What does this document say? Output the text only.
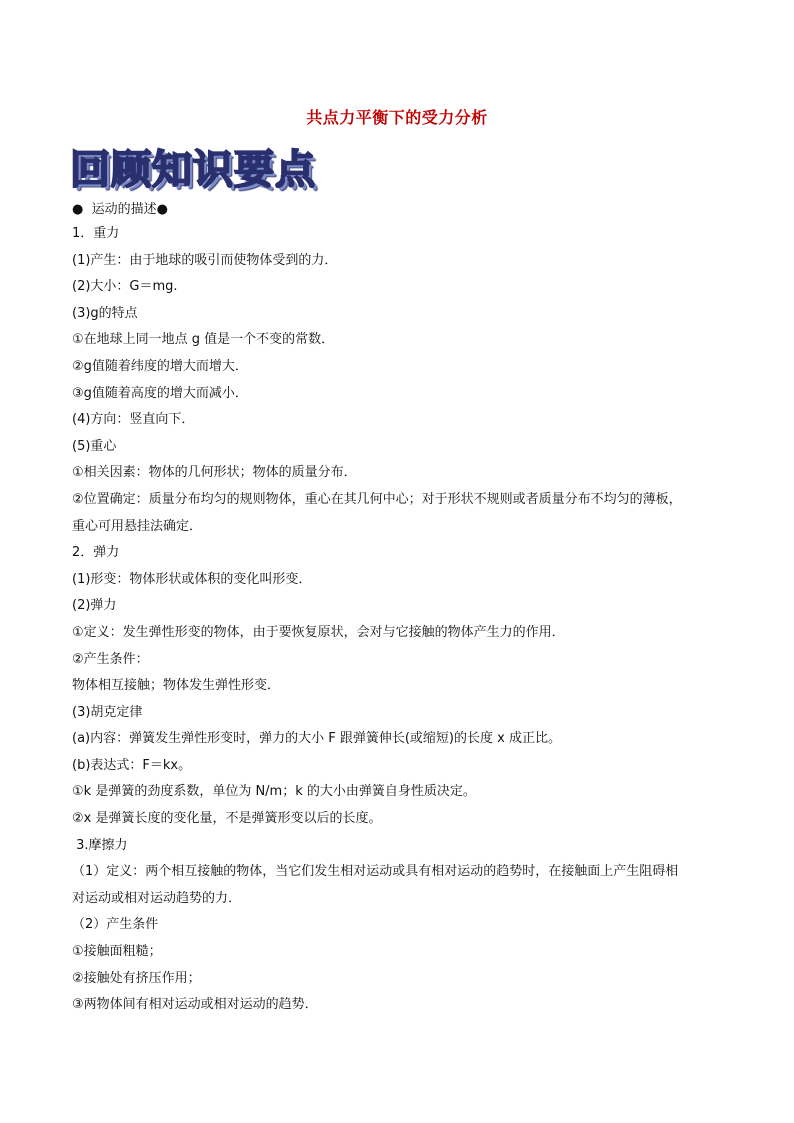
共点力平衡下的受力分析
回顾知识要点
●  运动的描述●
1．重力
(1)产生：由于地球的吸引而使物体受到的力．
(2)大小：G＝mg.
(3)g的特点
①在地球上同一地点 g 值是一个不变的常数．
②g值随着纬度的增大而增大．
③g值随着高度的增大而减小．
(4)方向：竖直向下．
(5)重心
①相关因素：物体的几何形状；物体的质量分布．
②位置确定：质量分布均匀的规则物体，重心在其几何中心；对于形状不规则或者质量分布不均匀的薄板，
重心可用悬挂法确定．
2．弹力
(1)形变：物体形状或体积的变化叫形变．
(2)弹力
①定义：发生弹性形变的物体，由于要恢复原状，会对与它接触的物体产生力的作用．
②产生条件：
物体相互接触；物体发生弹性形变．
(3)胡克定律
(a)内容：弹簧发生弹性形变时，弹力的大小 F 跟弹簧伸长(或缩短)的长度 x 成正比。
(b)表达式：F＝kx。
①k 是弹簧的劲度系数，单位为 N/m；k 的大小由弹簧自身性质决定。
②x 是弹簧长度的变化量，不是弹簧形变以后的长度。
3.摩擦力
（1）定义：两个相互接触的物体，当它们发生相对运动或具有相对运动的趋势时，在接触面上产生阻碍相
对运动或相对运动趋势的力．
（2）产生条件
①接触面粗糙；
②接触处有挤压作用；
③两物体间有相对运动或相对运动的趋势．
